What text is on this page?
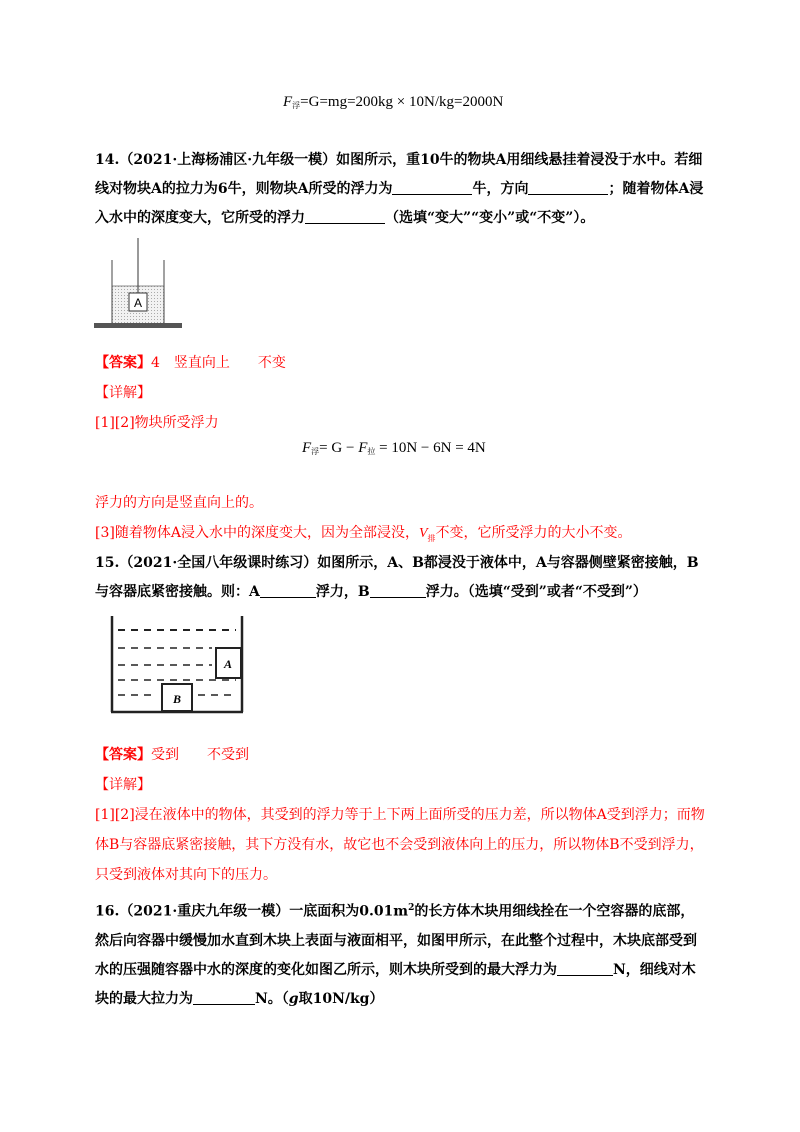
$F_浮=G=mg=200kg \times 10N/kg=2000N$
14.（2021·上海杨浦区·九年级一模）如图所示，重10牛的物块A用细线悬挂着浸没于水中。若细线对物块A的拉力为6牛，则物块A所受的浮力为	牛，方向	；随着物体A浸入水中的深度变大，它所受的浮力	（选填“变大”“变小”或“不变”）。
A
【答案】4　竖直向上　　不变
【详解】
[1][2]物块所受浮力
$F_浮= G - F_拉 = 10N - 6N = 4N$
浮力的方向是竖直向上的。
[3]随着物体A浸入水中的深度变大，因为全部浸没，$V_排$不变，它所受浮力的大小不变。
15.（2021·全国八年级课时练习）如图所示，A、B都浸没于液体中，A与容器侧壁紧密接触，B与容器底紧密接触。则：A	浮力，B	浮力。（选填“受到”或者“不受到”）
A
B
【答案】受到　　不受到
【详解】
[1][2]浸在液体中的物体，其受到的浮力等于上下两上面所受的压力差，所以物体A受到浮力；而物体B与容器底紧密接触，其下方没有水，故它也不会受到液体向上的压力，所以物体B不受到浮力，只受到液体对其向下的压力。
16.（2021·重庆九年级一模）一底面积为$0.01m^2$的长方体木块用细线拴在一个空容器的底部，然后向容器中缓慢加水直到木块上表面与液面相平，如图甲所示，在此整个过程中，木块底部受到水的压强随容器中水的深度的变化如图乙所示，则木块所受到的最大浮力为	N，细线对木块的最大拉力为	N。（g取10N/kg）
